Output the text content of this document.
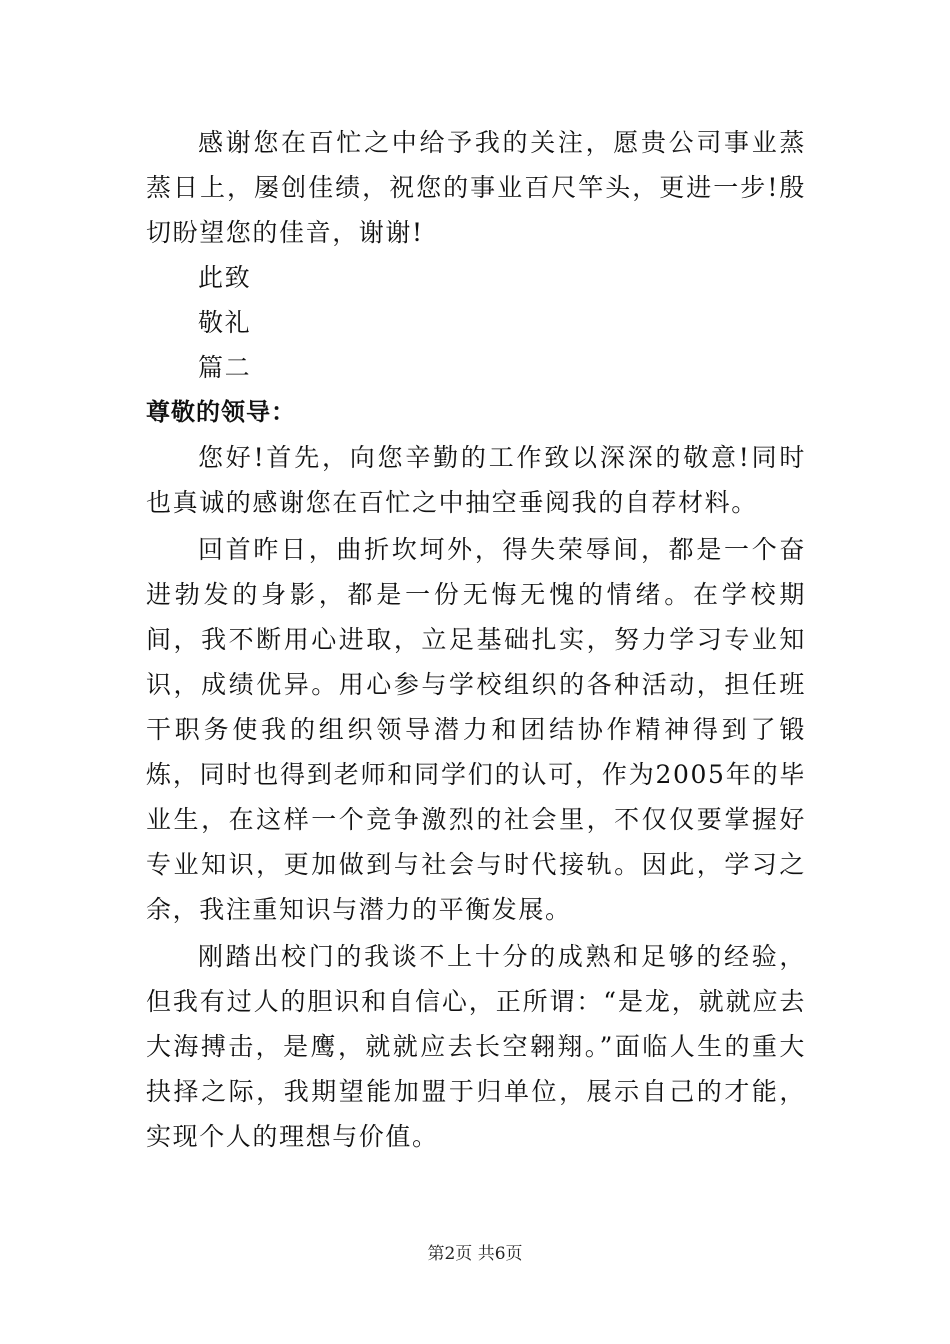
感谢您在百忙之中给予我的关注，愿贵公司事业蒸蒸日上，屡创佳绩，祝您的事业百尺竿头，更进一步!殷切盼望您的佳音，谢谢!

此致

敬礼

篇二

尊敬的领导：

您好!首先，向您辛勤的工作致以深深的敬意!同时也真诚的感谢您在百忙之中抽空垂阅我的自荐材料。

回首昨日，曲折坎坷外，得失荣辱间，都是一个奋进勃发的身影，都是一份无悔无愧的情绪。在学校期间，我不断用心进取，立足基础扎实，努力学习专业知识，成绩优异。用心参与学校组织的各种活动，担任班干职务使我的组织领导潜力和团结协作精神得到了锻炼，同时也得到老师和同学们的认可，作为2005年的毕业生，在这样一个竞争激烈的社会里，不仅仅要掌握好专业知识，更加做到与社会与时代接轨。因此，学习之余，我注重知识与潜力的平衡发展。

刚踏出校门的我谈不上十分的成熟和足够的经验，但我有过人的胆识和自信心，正所谓：“是龙，就就应去大海搏击，是鹰，就就应去长空翱翔。”面临人生的重大抉择之际，我期望能加盟于归单位，展示自己的才能，实现个人的理想与价值。

第2页 共6页
